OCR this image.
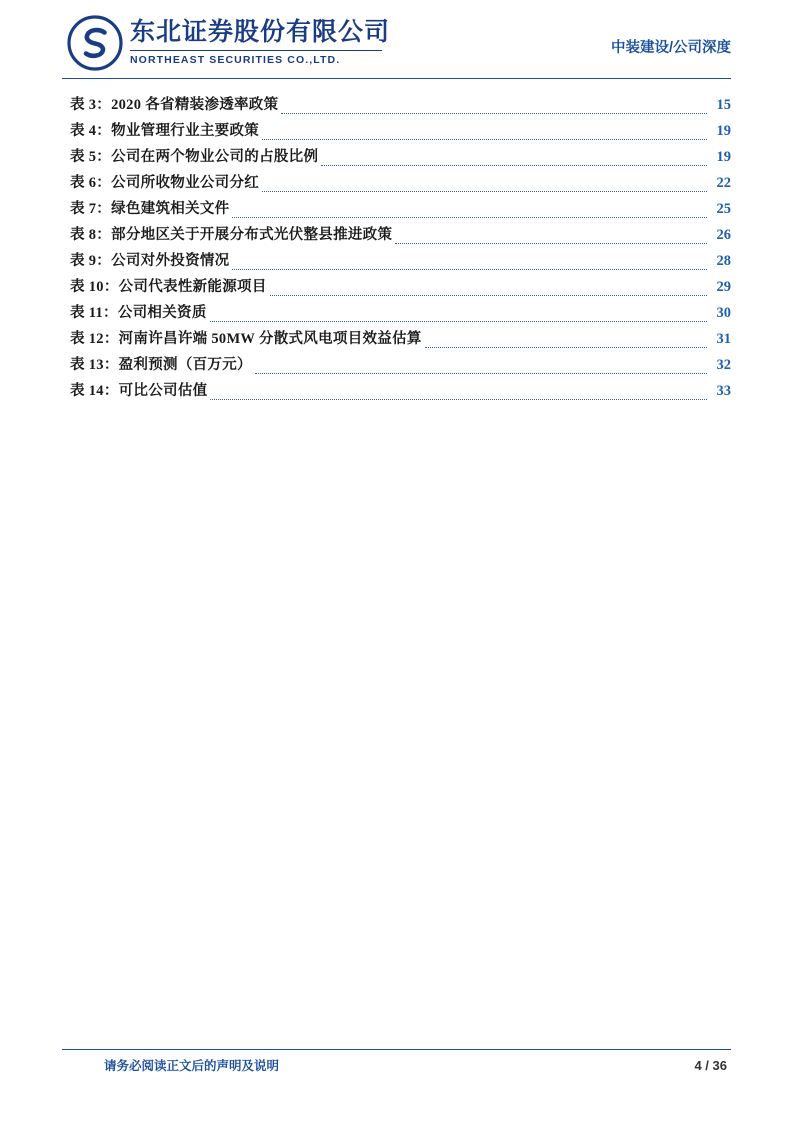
东北证券股份有限公司
NORTHEAST SECURITIES CO.,LTD.
中装建设/公司深度
表 3：2020 各省精装渗透率政策	15
表 4：物业管理行业主要政策	19
表 5：公司在两个物业公司的占股比例	19
表 6：公司所收物业公司分红	22
表 7：绿色建筑相关文件	25
表 8：部分地区关于开展分布式光伏整县推进政策	26
表 9：公司对外投资情况	28
表 10：公司代表性新能源项目	29
表 11：公司相关资质	30
表 12：河南许昌许端 50MW 分散式风电项目效益估算	31
表 13：盈利预测（百万元）	32
表 14：可比公司估值	33
请务必阅读正文后的声明及说明	4 / 36
